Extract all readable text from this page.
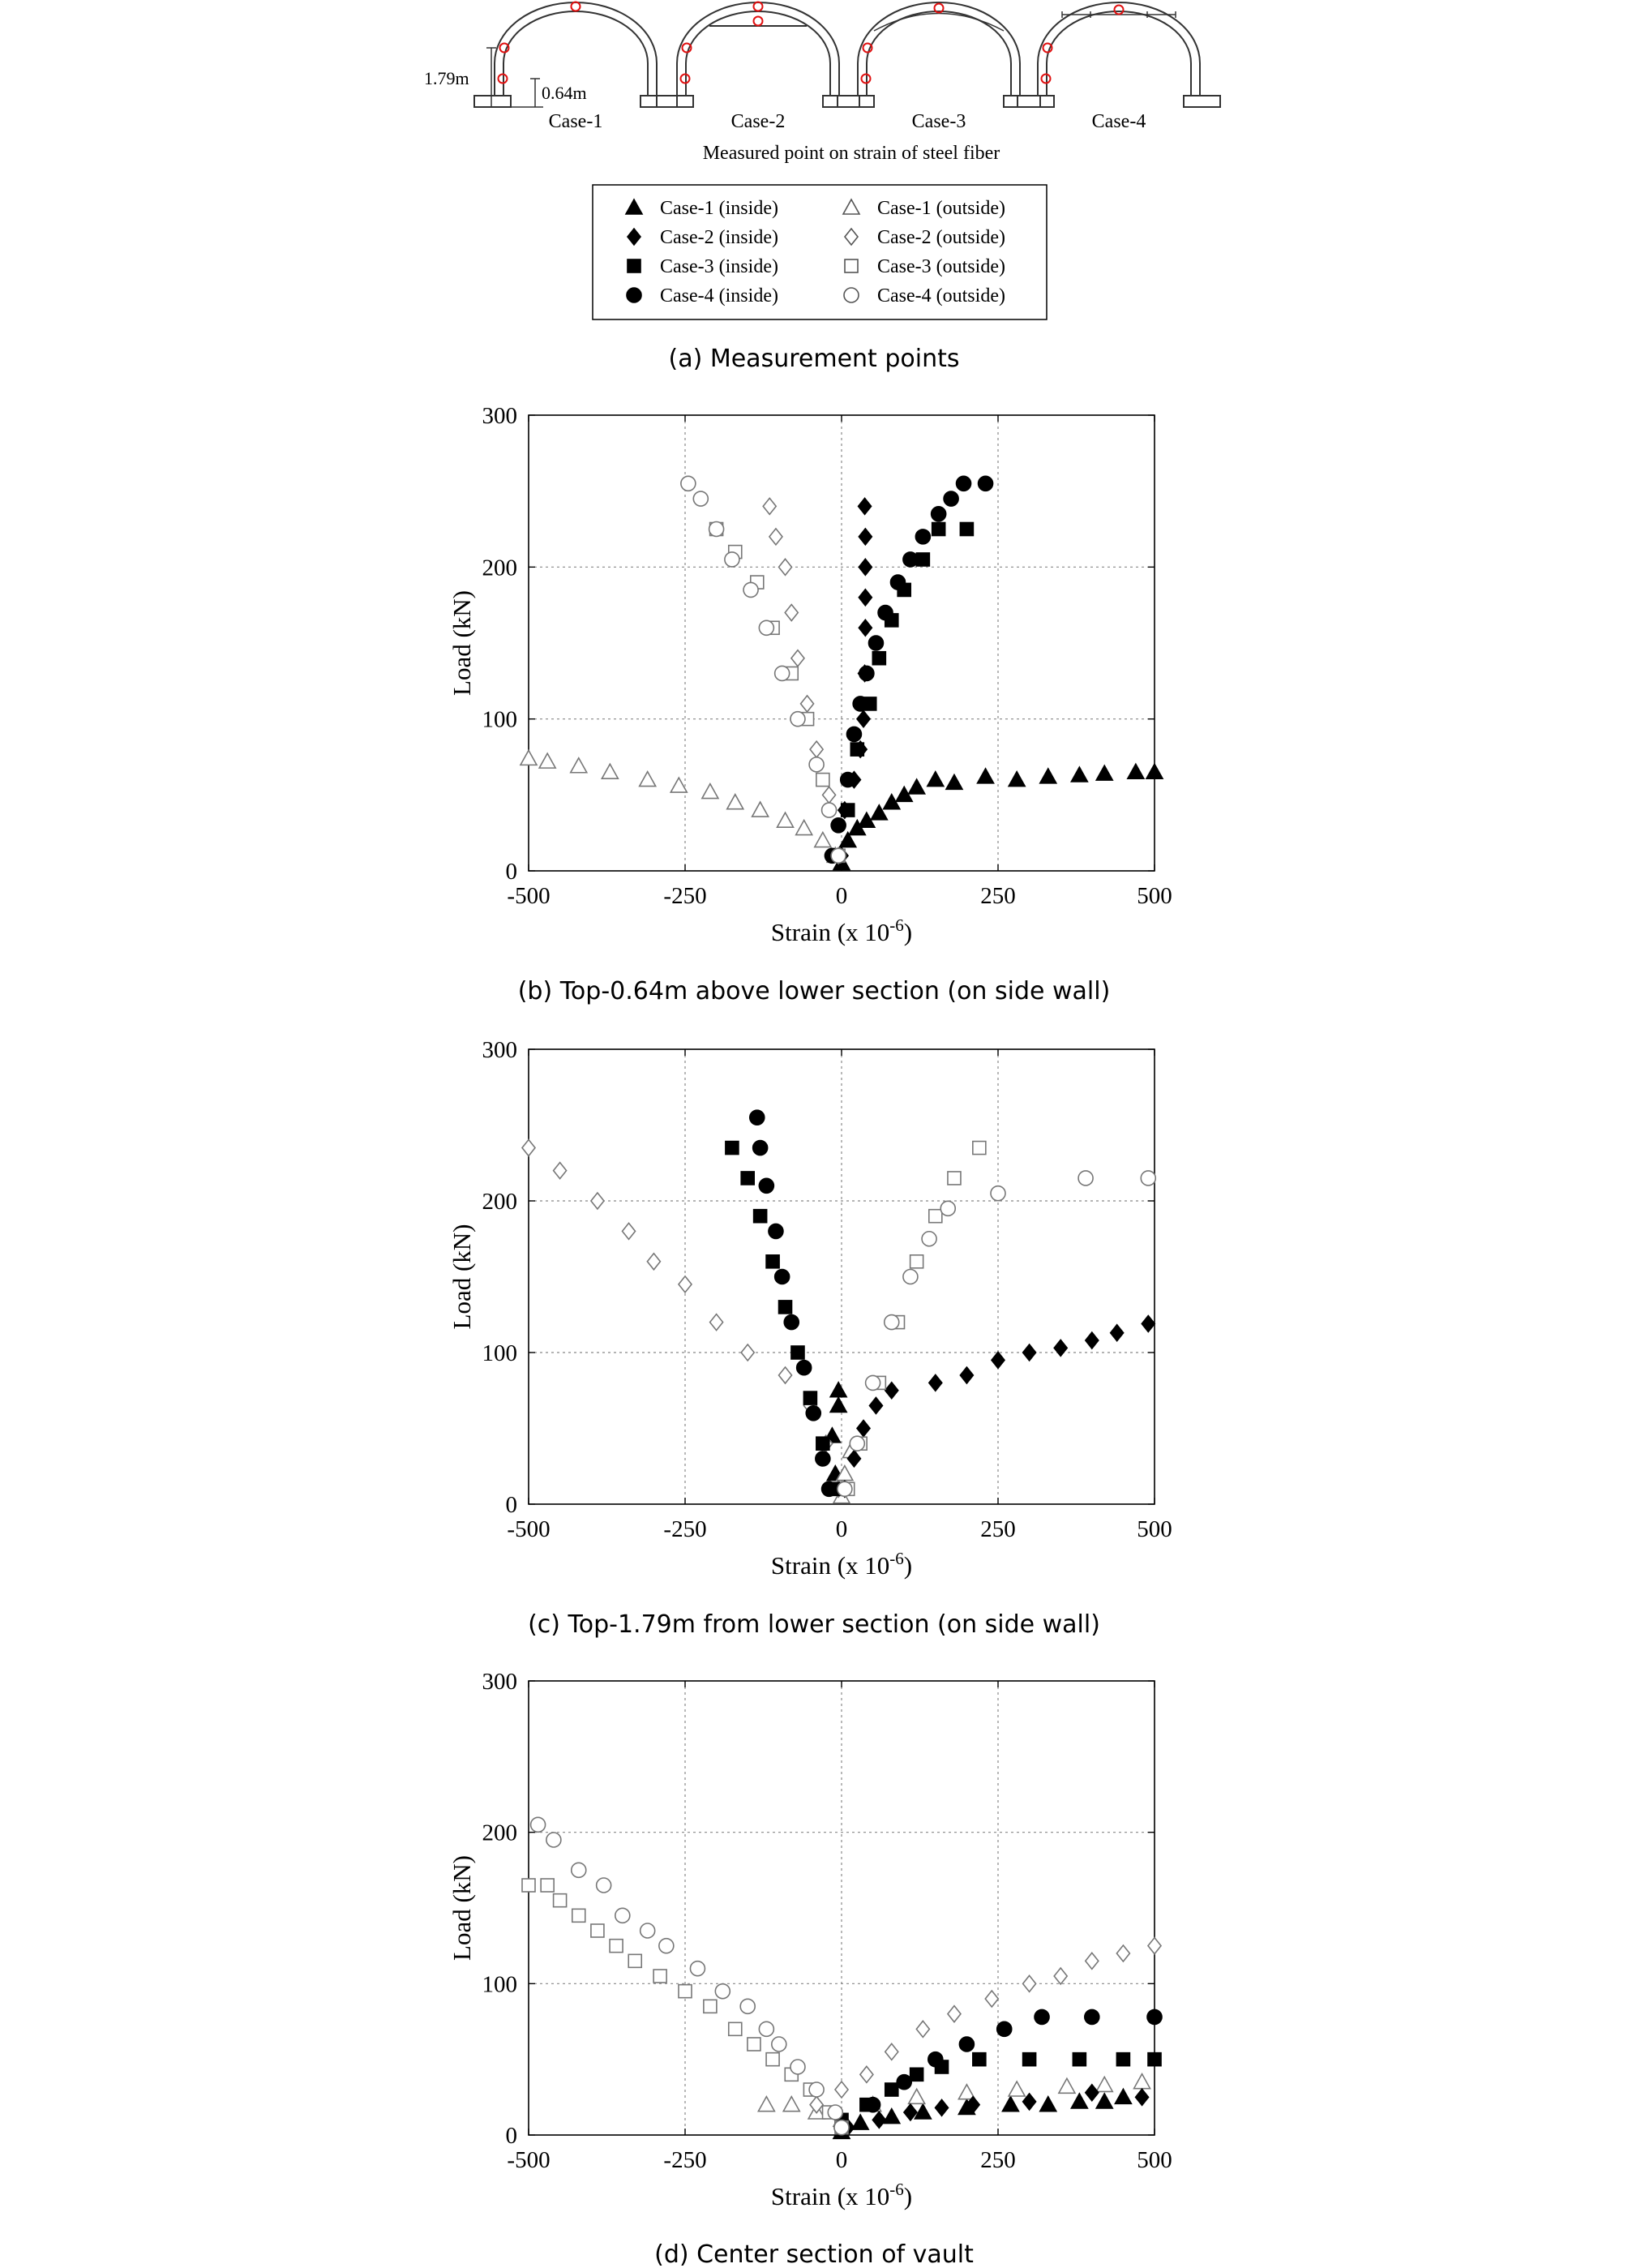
1.79m
0.64m
Case-1	Case-2	Case-3	Case-4
Measured point on strain of steel fiber
Case-1 (inside)	Case-1 (outside)
Case-2 (inside)	Case-2 (outside)
Case-3 (inside)	Case-3 (outside)
Case-4 (inside)	Case-4 (outside)
(a) Measurement points
(b) Top-0.64m above lower section (on side wall)
(c) Top-1.79m from lower section (on side wall)
(d) Center section of vault
-500	-250	0	250	500
0
100
200
300
Load (kN)
Strain (x $10^{-6}$)
-500	-250	0	250	500
0
100
200
300
Load (kN)
Strain (x $10^{-6}$)
-500	-250	0	250	500
0
100
200
300
Load (kN)
Strain (x $10^{-6}$)
